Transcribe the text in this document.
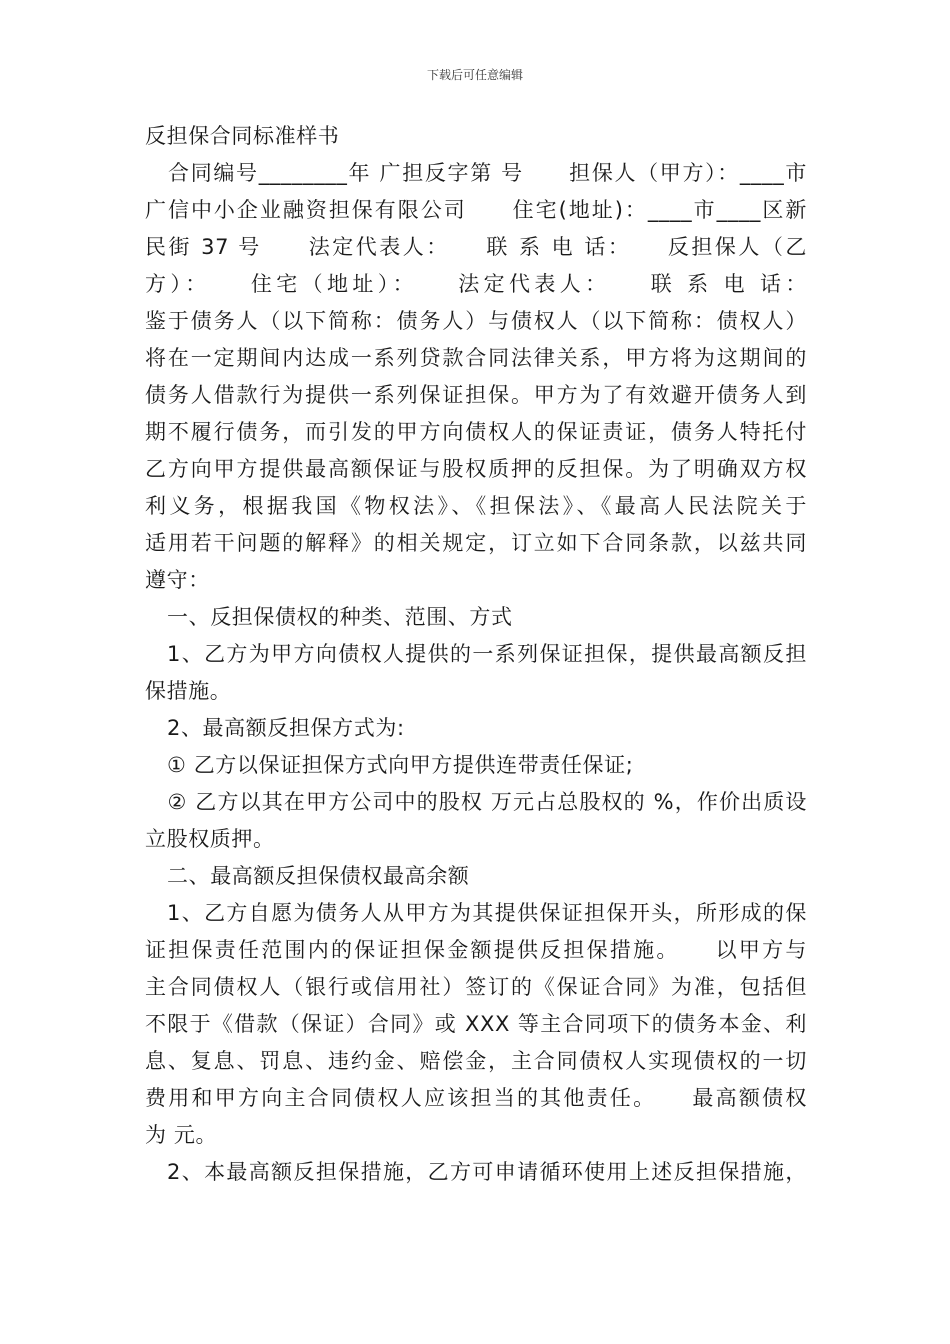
下载后可任意编辑

反担保合同标准样书

合同编号________年 广担反字第 号　　担保人（甲方）：____市

广信中小企业融资担保有限公司　　住宅(地址)：____市____区新

民街 37 号　　法定代表人：　　联 系 电 话：　　反担保人（乙

方）：　　住宅（地址）：　　法定代表人：　　联 系 电 话：

鉴于债务人（以下简称：债务人）与债权人（以下简称：债权人）

将在一定期间内达成一系列贷款合同法律关系，甲方将为这期间的

债务人借款行为提供一系列保证担保。甲方为了有效避开债务人到

期不履行债务，而引发的甲方向债权人的保证责证，债务人特托付

乙方向甲方提供最高额保证与股权质押的反担保。为了明确双方权

利义务，根据我国《物权法》、《担保法》、《最高人民法院关于

适用若干问题的解释》的相关规定，订立如下合同条款，以兹共同

遵守：

一、反担保债权的种类、范围、方式

1、乙方为甲方向债权人提供的一系列保证担保，提供最高额反担

保措施。

2、最高额反担保方式为:

① 乙方以保证担保方式向甲方提供连带责任保证;

② 乙方以其在甲方公司中的股权 万元占总股权的 %，作价出质设

立股权质押。

二、最高额反担保债权最高余额

1、乙方自愿为债务人从甲方为其提供保证担保开头，所形成的保

证担保责任范围内的保证担保金额提供反担保措施。　　以甲方与

主合同债权人（银行或信用社）签订的《保证合同》为准，包括但

不限于《借款（保证）合同》或 XXX 等主合同项下的债务本金、利

息、复息、罚息、违约金、赔偿金，主合同债权人实现债权的一切

费用和甲方向主合同债权人应该担当的其他责任。　　最高额债权

为 元。

2、本最高额反担保措施，乙方可申请循环使用上述反担保措施，
